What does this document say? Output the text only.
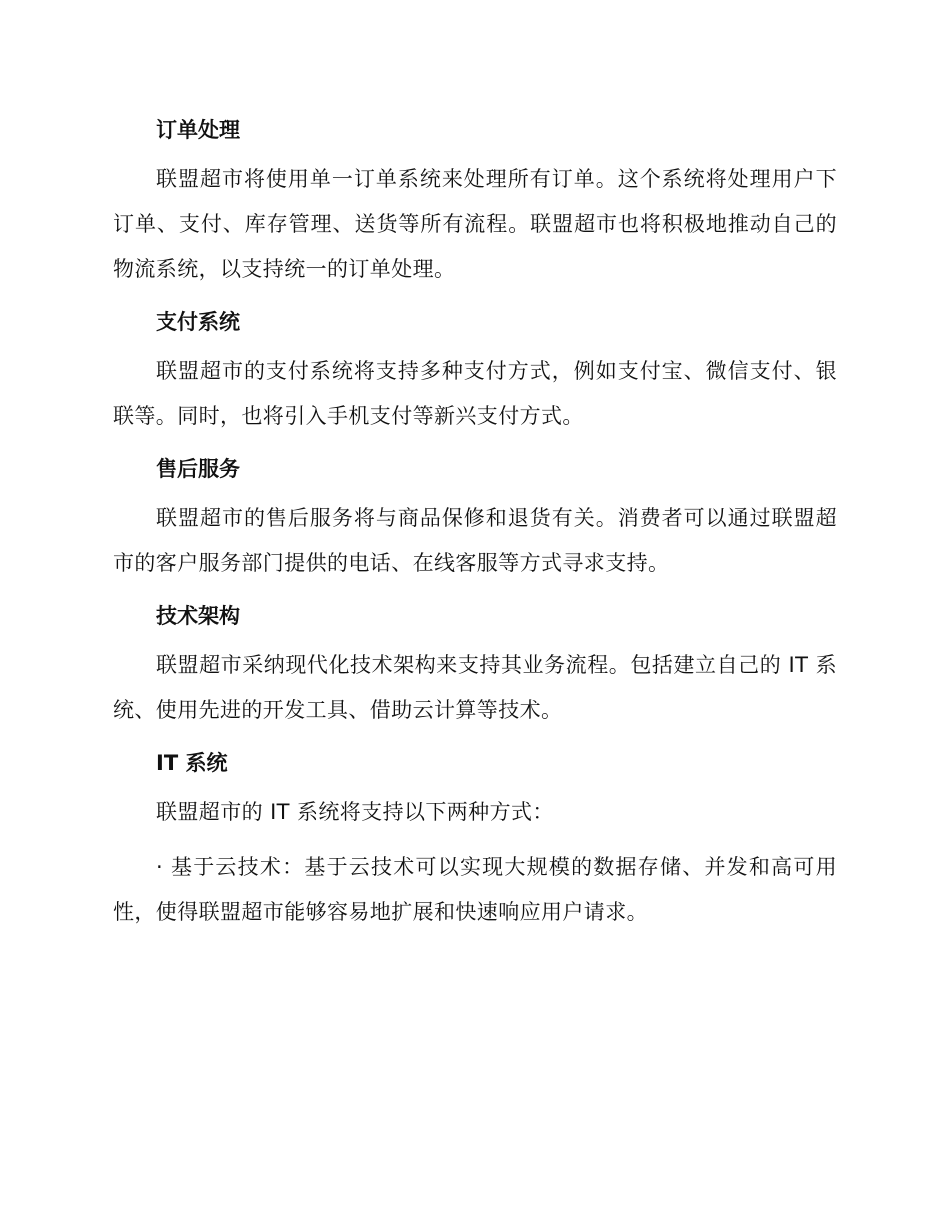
订单处理

联盟超市将使用单一订单系统来处理所有订单。这个系统将处理用户下订单、支付、库存管理、送货等所有流程。联盟超市也将积极地推动自己的物流系统，以支持统一的订单处理。

支付系统

联盟超市的支付系统将支持多种支付方式，例如支付宝、微信支付、银联等。同时，也将引入手机支付等新兴支付方式。

售后服务

联盟超市的售后服务将与商品保修和退货有关。消费者可以通过联盟超市的客户服务部门提供的电话、在线客服等方式寻求支持。

技术架构

联盟超市采纳现代化技术架构来支持其业务流程。包括建立自己的 IT 系统、使用先进的开发工具、借助云计算等技术。

IT 系统

联盟超市的 IT 系统将支持以下两种方式：

· 基于云技术：基于云技术可以实现大规模的数据存储、并发和高可用性，使得联盟超市能够容易地扩展和快速响应用户请求。
